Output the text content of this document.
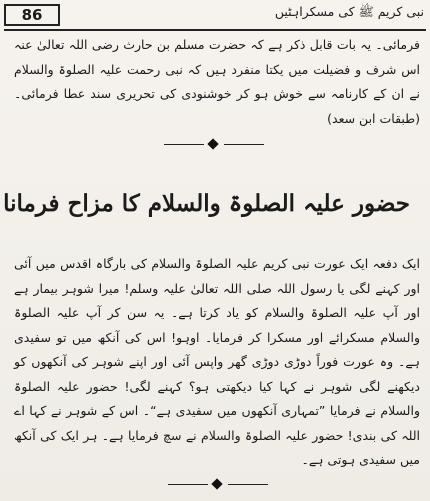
86	نبی کریم ﷺ کی مسکراہٹیں
فرمائی۔ یہ بات قابل ذکر ہے کہ حضرت مسلم بن حارث رضی اللہ تعالیٰ عنہ اس شرف و فضیلت میں یکتا منفرد ہیں کہ نبی رحمت علیہ الصلوۃ والسلام نے ان کے کارنامہ سے خوش ہو کر خوشنودی کی تحریری سند عطا فرمائی۔ (طبقات ابن سعد)
حضور علیہ الصلوۃ والسلام کا مزاح فرمانا
ایک دفعہ ایک عورت نبی کریم علیہ الصلوۃ والسلام کی بارگاہ اقدس میں آئی اور کہنے لگی یا رسول اللہ صلی اللہ تعالیٰ علیہ وسلم! میرا شوہر بیمار ہے اور آپ علیہ الصلوۃ والسلام کو یاد کرتا ہے۔ یہ سن کر آپ علیہ الصلوۃ والسلام مسکرائے اور مسکرا کر فرمایا۔ اوہو! اس کی آنکھ میں تو سفیدی ہے۔ وہ عورت فوراً دوڑی دوڑی گھر واپس آئی اور اپنے شوہر کی آنکھوں کو دیکھنے لگی شوہر نے کہا کیا دیکھتی ہو؟ کہنے لگی! حضور علیہ الصلوۃ والسلام نے فرمایا ”تمہاری آنکھوں میں سفیدی ہے“۔ اس کے شوہر نے کہا اے اللہ کی بندی! حضور علیہ الصلوۃ والسلام نے سچ فرمایا ہے۔ ہر ایک کی آنکھ میں سفیدی ہوتی ہے۔
